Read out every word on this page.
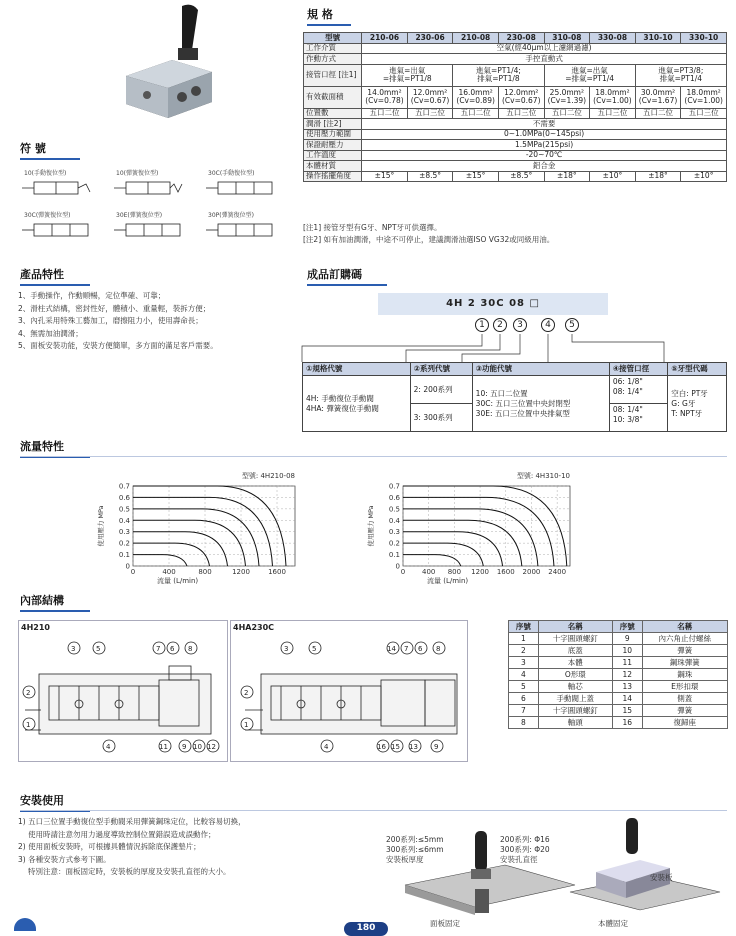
符 號
10(手動復位型)	10(彈簧復位型)	30C(手動復位型)
30C(彈簧復位型)	30E(彈簧復位型)	30P(彈簧復位型)
規 格
型號	210-06	230-06	210-08	230-08	310-08	330-08	310-10	330-10
工作介質	空氣(經40μm以上濾網過濾)							
作動方式	手控直動式							
接管口徑 [注1]	進氣=出氣
=排氣=PT1/8		進氣=PT1/4;
排氣=PT1/8		進氣=出氣
=排氣=PT1/4		進氣=PT3/8;
排氣=PT1/4	
有效截面積	14.0mm²
(Cv=0.78)	12.0mm²
(Cv=0.67)	16.0mm²
(Cv=0.89)	12.0mm²
(Cv=0.67)	25.0mm²
(Cv=1.39)	18.0mm²
(Cv=1.00)	30.0mm²
(Cv=1.67)	18.0mm²
(Cv=1.00)
位置數	五口二位	五口三位	五口二位	五口三位	五口二位	五口三位	五口二位	五口三位
潤滑 [注2]	不需要							
使用壓力範圍	0~1.0MPa(0~145psi)							
保證耐壓力	1.5MPa(215psi)							
工作溫度	-20~70℃							
本體材質	鋁合金							
操作搖擺角度	±15°	±8.5°	±15°	±8.5°	±18°	±10°	±18°	±10°
[注1] 接管牙型有G牙、NPT牙可供選擇。
[注2] 如有加油潤滑，中途不可停止，建議潤滑油選ISO VG32或同級用油。
產品特性
1、手動操作，作動順暢，定位準確、可靠；
2、滑柱式結構，密封性好，體積小、重量輕，裝拆方便；
3、內孔采用特殊工藝加工，磨擦阻力小，使用壽命長；
4、無需加油潤滑；
5、面板安裝功能，安裝方便簡單，多方面的滿足客戶需要。
成品訂購碼
4H 2 30C 08 □
1	2	3	4	5
①規格代號	②系列代號	③功能代號	④接管口徑	⑤牙型代碼
4H: 手動復位手動閥
4HA: 彈簧復位手動閥	2: 200系列	10: 五口二位置
30C: 五口三位置中央封閉型
30E: 五口三位置中央排氣型	06: 1/8"
08: 1/4"	空白: PT牙
G: G牙
T: NPT牙
	3: 300系列		08: 1/4"
10: 3/8"	
流量特性
0
0.1
0.2
0.3
0.4
0.5
0.6
0.7
0	400	800	1200	1600
型號: 4H210-08
流量 (L/min)
使用壓力 MPa
0
0.1
0.2
0.3
0.4
0.5
0.6
0.7
0 400 800 1200 1600 2000 2400
型號: 4H310-10
流量 (L/min)
使用壓力 MPa
內部結構
4H210
3	5	7 6 8
2
1
4	11 9 10 12
4HA230C
3	5	14 7 6 8
2
1
4	16 15 13 9
序號	名稱	序號	名稱
1	十字圓頭螺釘	9	內六角止付螺絲
2	底蓋	10	彈簧
3	本體	11	鋼珠彈簧
4	O形環	12	鋼珠
5	軸芯	13	E形扣環
6	手動閥上蓋	14	側蓋
7	十字圓頭螺釘	15	彈簧
8	軸頭	16	復歸座
安裝使用
1) 五口三位置手動復位型手動閥采用彈簧鋼珠定位，比較容易切換，
使用時請注意勿用力過度導致控制位置錯誤造成誤動作；
2) 使用面板安裝時，可根據具體情況拆除底保護墊片；
3) 各種安裝方式參考下圖。
特別注意：面板固定時，安裝板的厚度及安裝孔直徑的大小。
200系列:≤5mm
300系列:≤6mm
安裝板厚度
200系列: Φ16
300系列: Φ20
安裝孔直徑
面板固定
安裝板
本體固定
180
